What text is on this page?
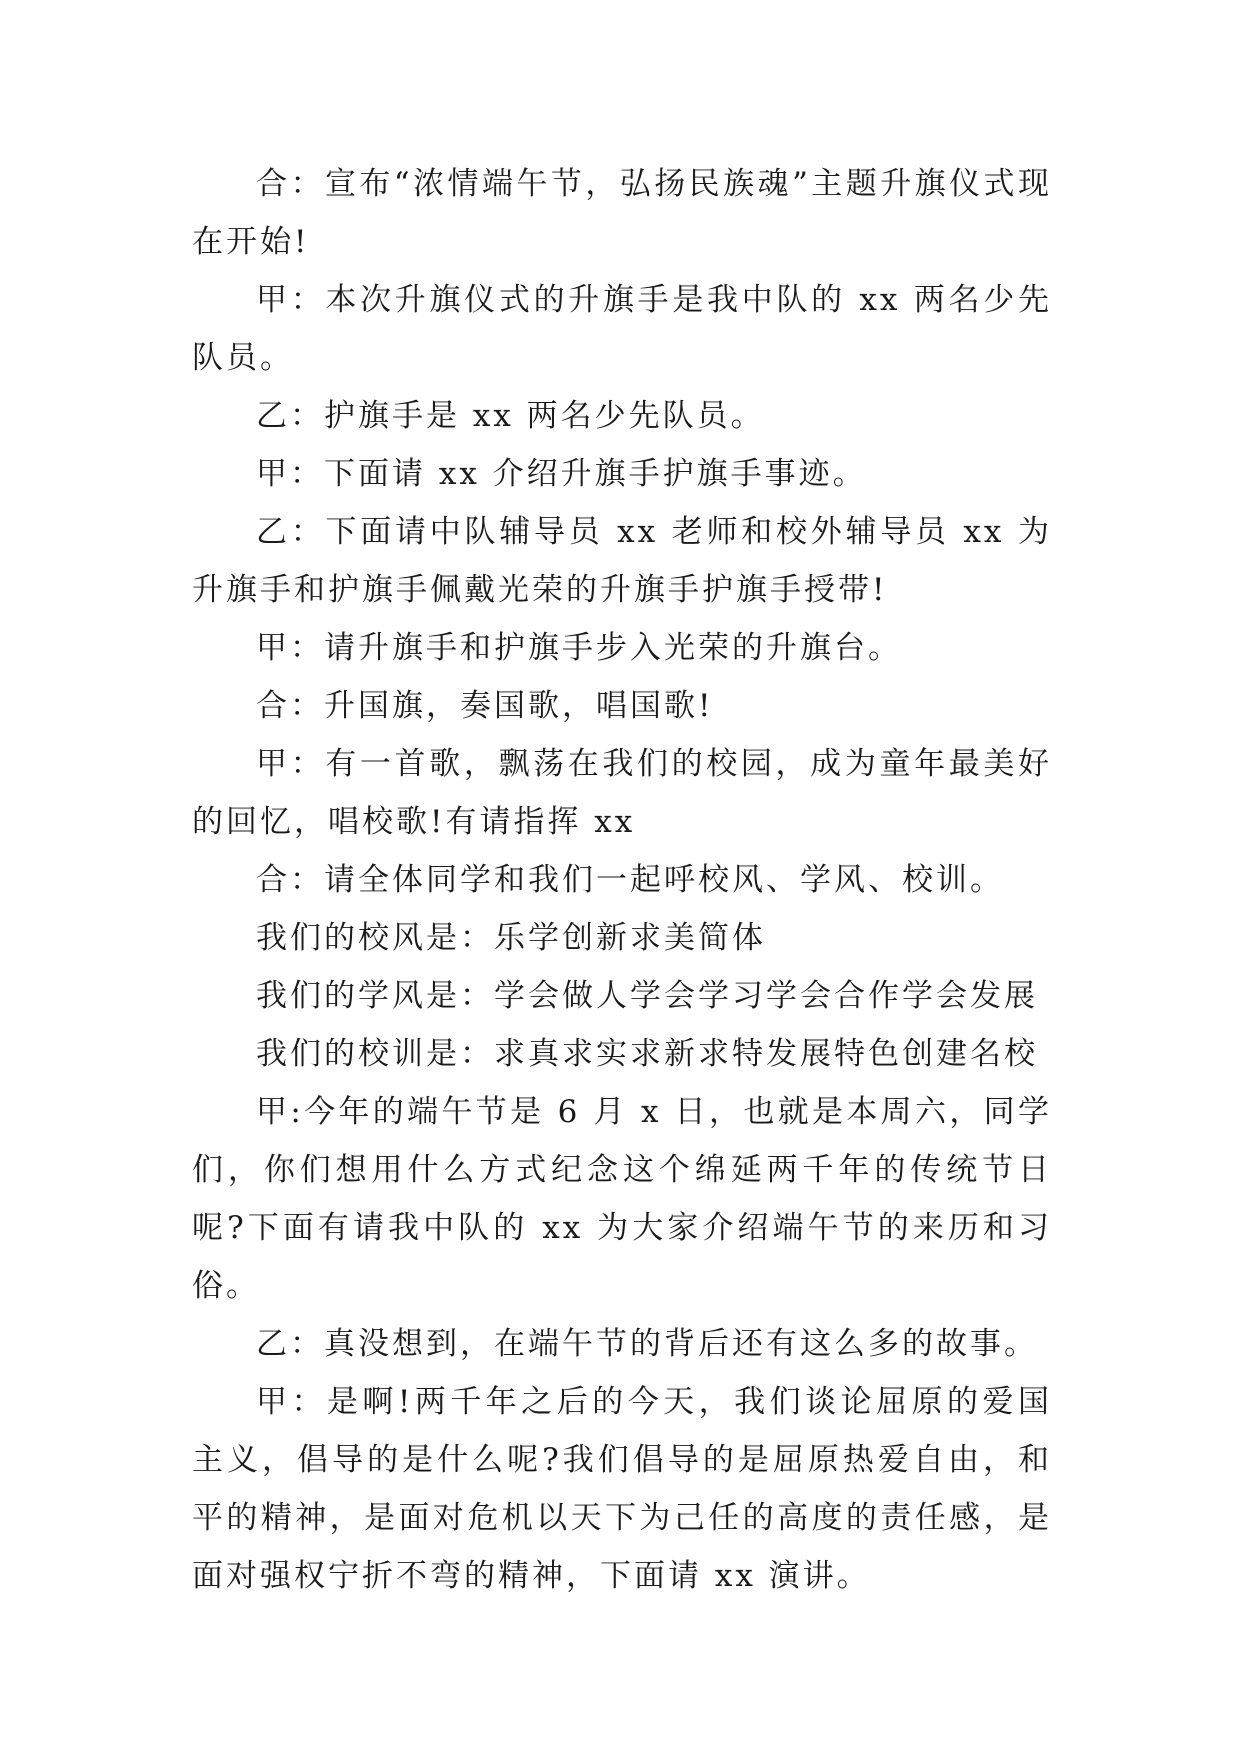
合：宣布“浓情端午节，弘扬民族魂”主题升旗仪式现在开始!

甲：本次升旗仪式的升旗手是我中队的 xx 两名少先队员。

乙：护旗手是 xx 两名少先队员。

甲：下面请 xx 介绍升旗手护旗手事迹。

乙：下面请中队辅导员 xx 老师和校外辅导员 xx 为升旗手和护旗手佩戴光荣的升旗手护旗手授带!

甲：请升旗手和护旗手步入光荣的升旗台。

合：升国旗，奏国歌，唱国歌!

甲：有一首歌，飘荡在我们的校园，成为童年最美好的回忆，唱校歌!有请指挥 xx

合：请全体同学和我们一起呼校风、学风、校训。

我们的校风是：乐学创新求美简体

我们的学风是：学会做人学会学习学会合作学会发展

我们的校训是：求真求实求新求特发展特色创建名校

甲:今年的端午节是 6 月 x 日，也就是本周六，同学们，你们想用什么方式纪念这个绵延两千年的传统节日呢?下面有请我中队的 xx 为大家介绍端午节的来历和习俗。

乙：真没想到，在端午节的背后还有这么多的故事。

甲：是啊!两千年之后的今天，我们谈论屈原的爱国主义，倡导的是什么呢?我们倡导的是屈原热爱自由，和平的精神，是面对危机以天下为己任的高度的责任感，是面对强权宁折不弯的精神，下面请 xx 演讲。
